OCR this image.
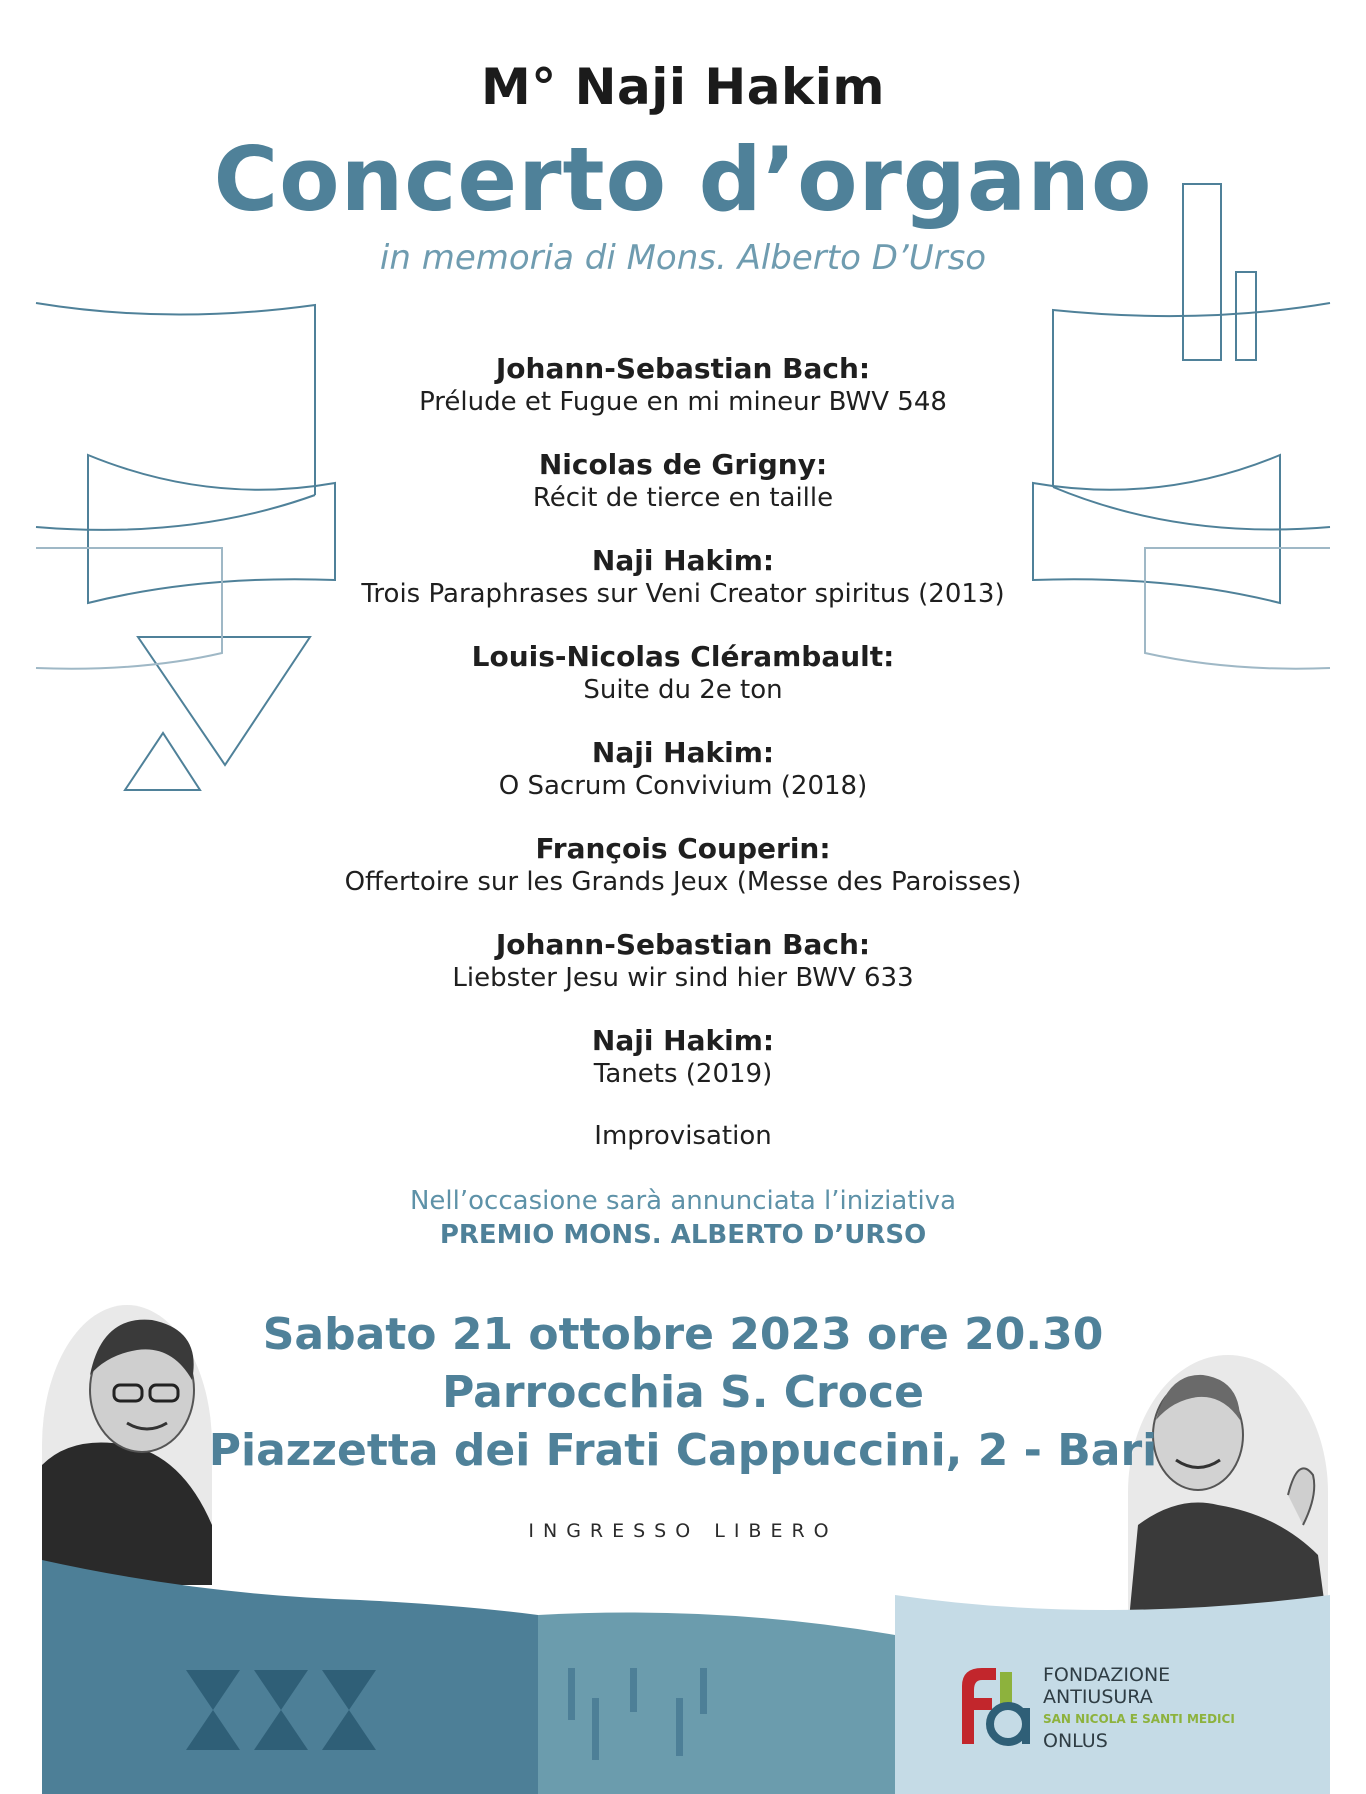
M° Naji Hakim
Concerto d’organo
in memoria di Mons. Alberto D’Urso
Johann-Sebastian Bach:
Prélude et Fugue en mi mineur BWV 548
Nicolas de Grigny:
Récit de tierce en taille
Naji Hakim:
Trois Paraphrases sur Veni Creator spiritus (2013)
Louis-Nicolas Clérambault:
Suite du 2e ton
Naji Hakim:
O Sacrum Convivium (2018)
François Couperin:
Offertoire sur les Grands Jeux (Messe des Paroisses)
Johann-Sebastian Bach:
Liebster Jesu wir sind hier BWV 633
Naji Hakim:
Tanets (2019)
Improvisation
Nell’occasione sarà annunciata l’iniziativa
PREMIO MONS. ALBERTO D’URSO
Sabato 21 ottobre 2023 ore 20.30
Parrocchia S. Croce
Piazzetta dei Frati Cappuccini, 2 - Bari
INGRESSO LIBERO
FONDAZIONE
ANTIUSURA
SAN NICOLA E SANTI MEDICI
ONLUS
